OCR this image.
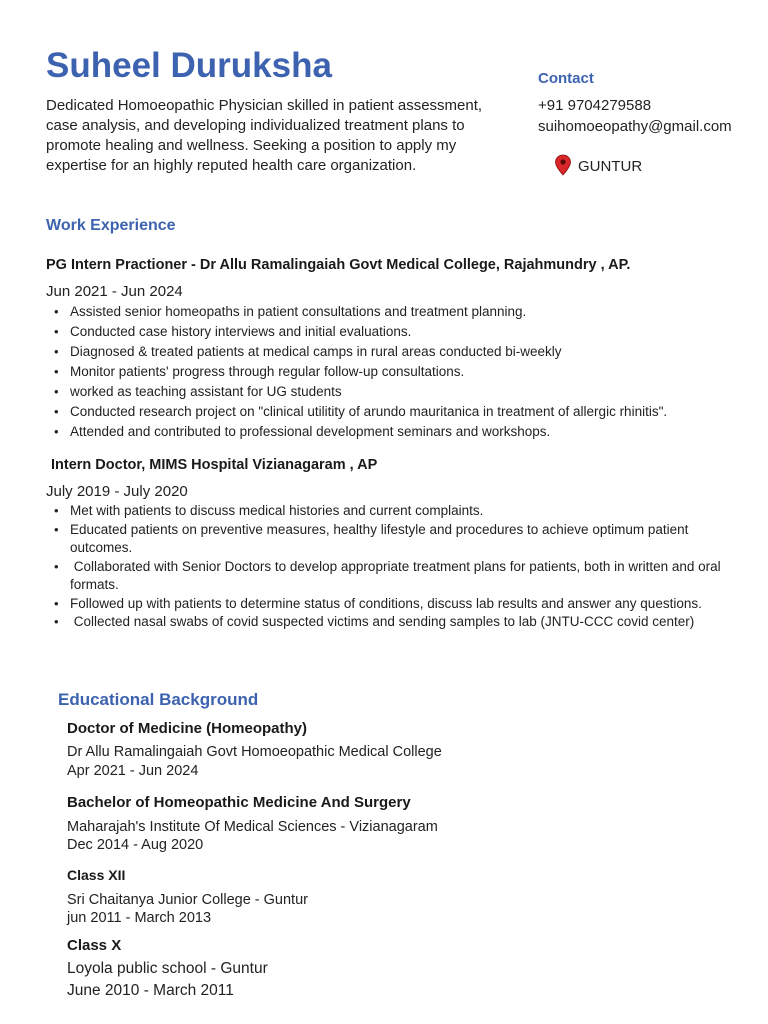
Suheel Duruksha
Dedicated Homoeopathic Physician skilled in patient assessment, case analysis, and developing individualized treatment plans to promote healing and wellness. Seeking a position to apply my expertise for an highly reputed health care organization.
Contact
+91 9704279588
suihomoeopathy@gmail.com
GUNTUR
Work Experience
PG Intern Practioner - Dr Allu Ramalingaiah Govt Medical College, Rajahmundry , AP.
Jun 2021 - Jun 2024
• Assisted senior homeopaths in patient consultations and treatment planning.
• Conducted case history interviews and initial evaluations.
• Diagnosed & treated patients at medical camps in rural areas conducted bi-weekly
• Monitor patients' progress through regular follow-up consultations.
• worked as teaching assistant for UG students
• Conducted research project on "clinical utilitity of arundo mauritanica in treatment of allergic rhinitis".
• Attended and contributed to professional development seminars and workshops.
Intern Doctor, MIMS Hospital Vizianagaram , AP
July 2019 - July 2020
• Met with patients to discuss medical histories and current complaints.
• Educated patients on preventive measures, healthy lifestyle and procedures to achieve optimum patient outcomes.
•  Collaborated with Senior Doctors to develop appropriate treatment plans for patients, both in written and oral formats.
• Followed up with patients to determine status of conditions, discuss lab results and answer any questions.
•  Collected nasal swabs of covid suspected victims and sending samples to lab (JNTU-CCC covid center)
Educational Background
Doctor of Medicine (Homeopathy)
Dr Allu Ramalingaiah Govt Homoeopathic Medical College
Apr 2021 - Jun 2024
Bachelor of Homeopathic Medicine And Surgery
Maharajah's Institute Of Medical Sciences - Vizianagaram
Dec 2014 - Aug 2020
Class XII
Sri Chaitanya Junior College - Guntur
jun 2011 - March 2013
Class X
Loyola public school - Guntur
June 2010 - March 2011
